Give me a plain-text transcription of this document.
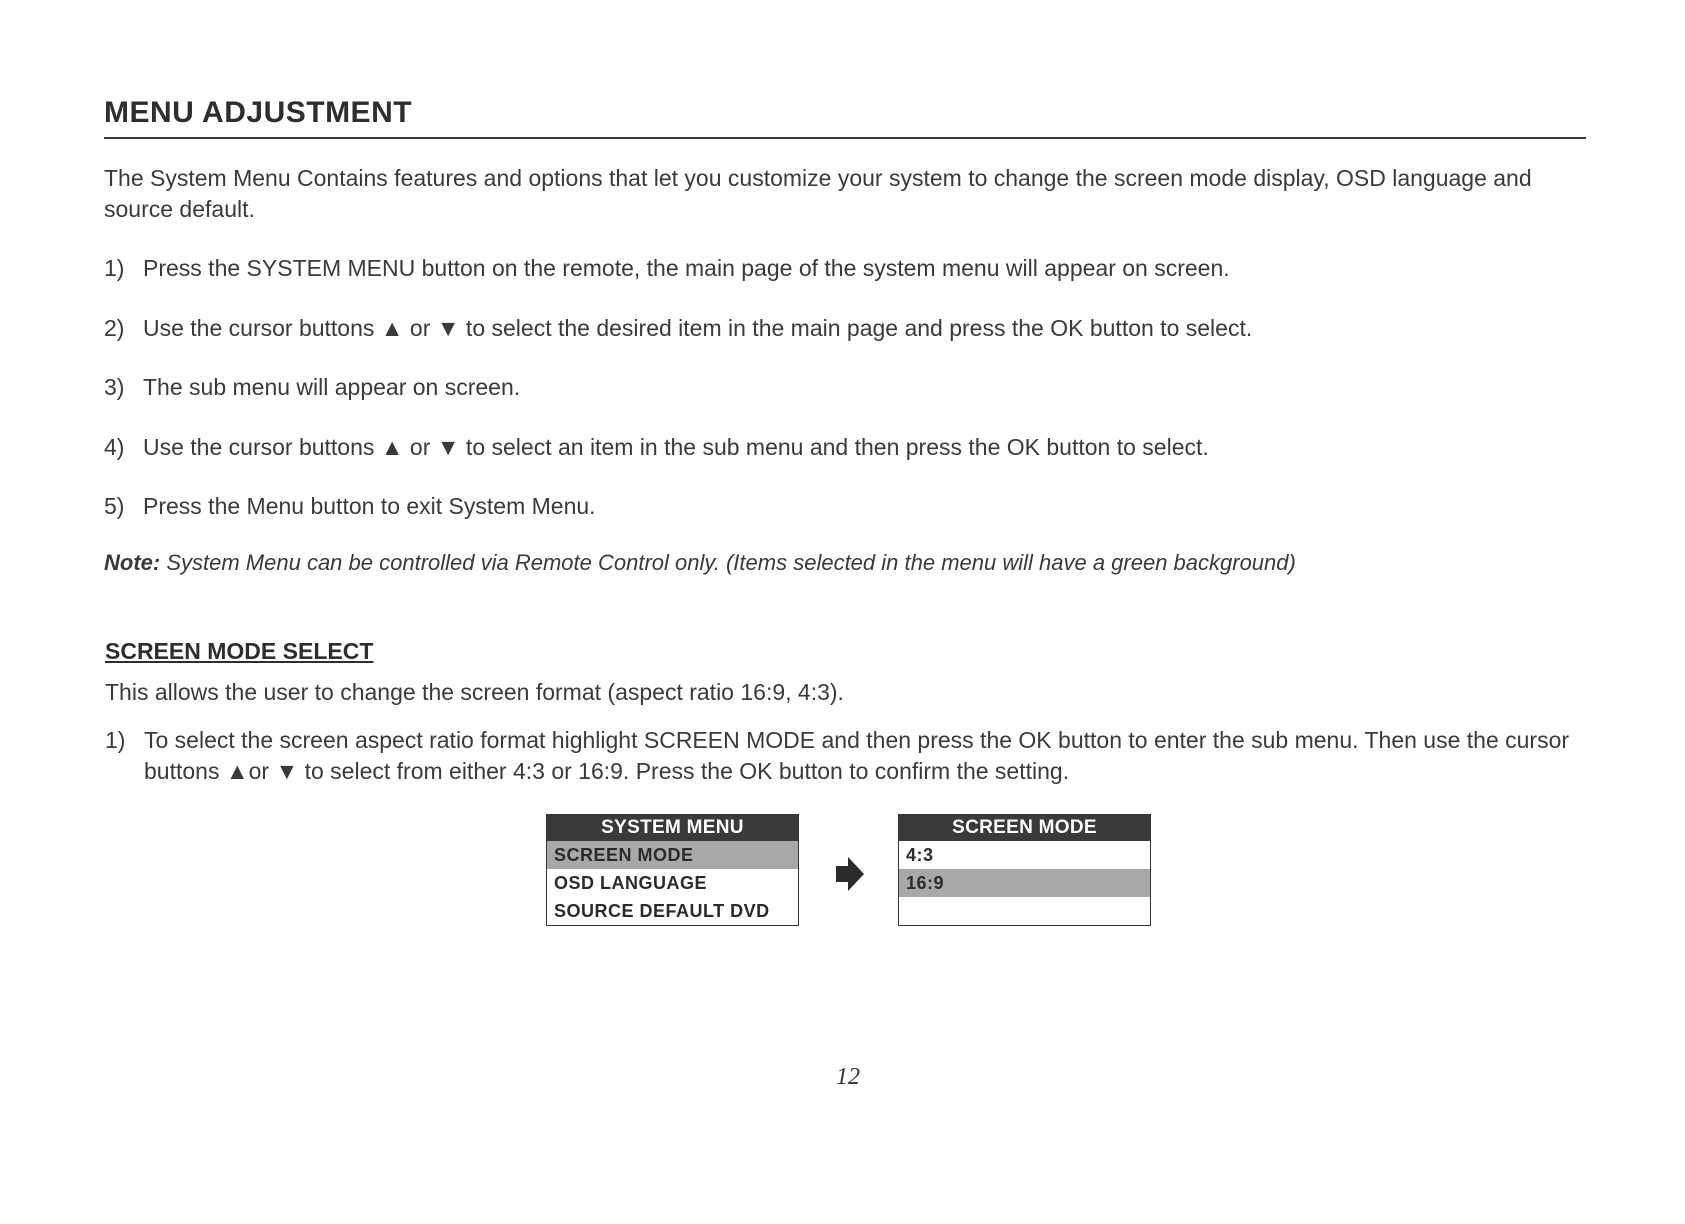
MENU ADJUSTMENT
The System Menu Contains features and options that let you customize your system to change the screen mode display, OSD language and source default.
1) Press the SYSTEM MENU button on the remote, the main page of the system menu will appear on screen.
2) Use the cursor buttons ▲ or ▼ to select the desired item in the main page and press the OK button to select.
3) The sub menu will appear on screen.
4) Use the cursor buttons ▲ or ▼ to select an item in the sub menu and then press the OK button to select.
5) Press the Menu button to exit System Menu.
Note: System Menu can be controlled via Remote Control only. (Items selected in the menu will have a green background)
SCREEN MODE SELECT
This allows the user to change the screen format (aspect ratio 16:9, 4:3).
1) To select the screen aspect ratio format highlight SCREEN MODE and then press the OK button to enter the sub menu. Then use the cursor buttons ▲or ▼ to select from either 4:3 or 16:9. Press the OK button to confirm the setting.
SYSTEM MENU
SCREEN MODE
OSD LANGUAGE
SOURCE DEFAULT DVD
SCREEN MODE
4:3
16:9
12
